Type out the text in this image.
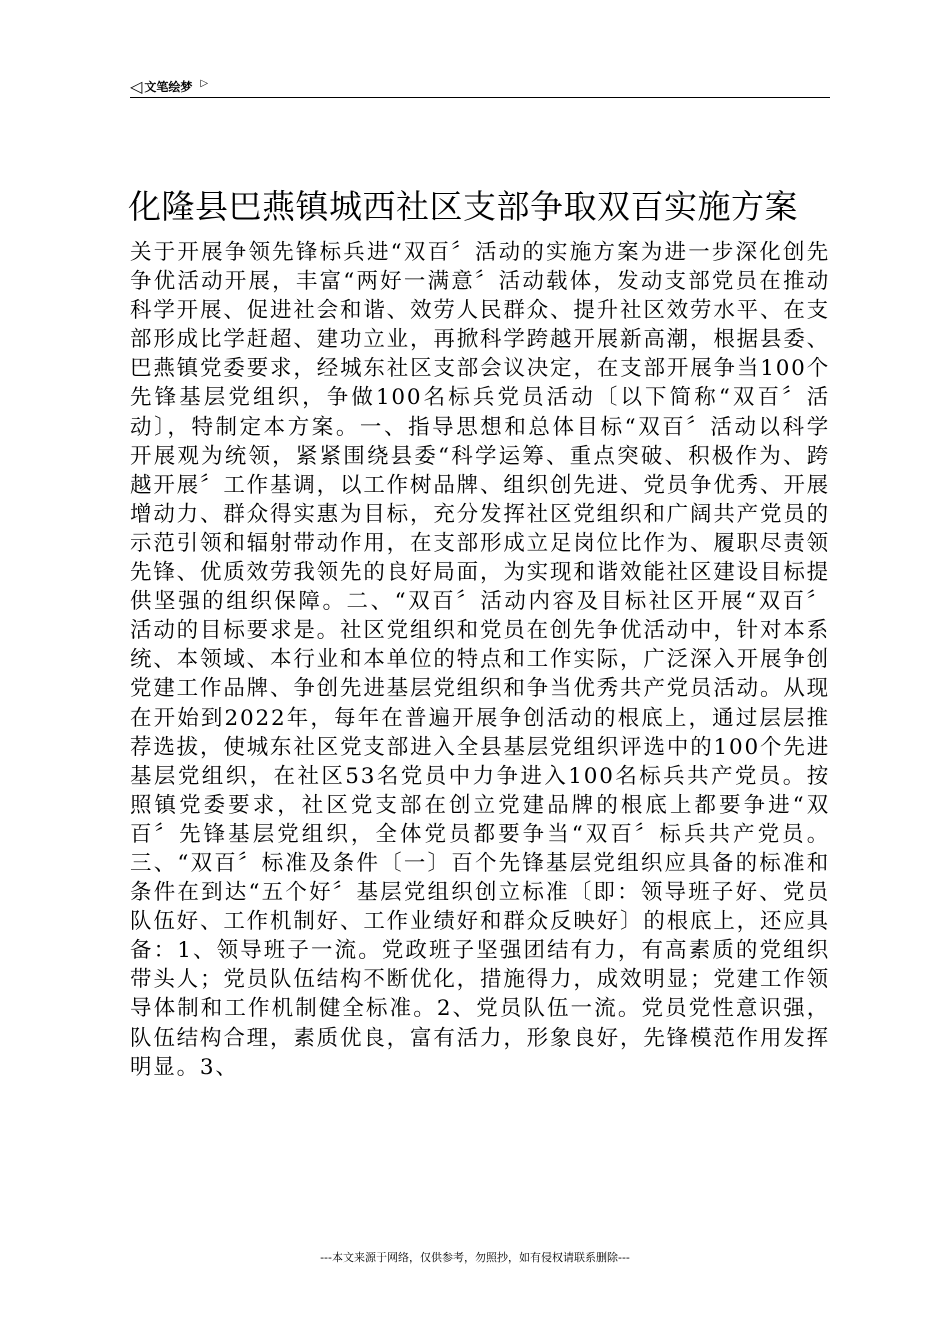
◁ 文笔绘梦 ▷
化隆县巴燕镇城西社区支部争取双百实施方案

关于开展争领先锋标兵进“双百〞活动的实施方案为进一步深化创先争优活动开展，丰富“两好一满意〞活动载体，发动支部党员在推动科学开展、促进社会和谐、效劳人民群众、提升社区效劳水平、在支部形成比学赶超、建功立业，再掀科学跨越开展新高潮，根据县委、巴燕镇党委要求，经城东社区支部会议决定，在支部开展争当100个先锋基层党组织，争做100名标兵党员活动〔以下简称“双百〞活动〕，特制定本方案。一、指导思想和总体目标“双百〞活动以科学开展观为统领，紧紧围绕县委“科学运筹、重点突破、积极作为、跨越开展〞工作基调，以工作树品牌、组织创先进、党员争优秀、开展增动力、群众得实惠为目标，充分发挥社区党组织和广阔共产党员的示范引领和辐射带动作用，在支部形成立足岗位比作为、履职尽责领先锋、优质效劳我领先的良好局面，为实现和谐效能社区建设目标提供坚强的组织保障。二、“双百〞活动内容及目标社区开展“双百〞活动的目标要求是。社区党组织和党员在创先争优活动中，针对本系统、本领域、本行业和本单位的特点和工作实际，广泛深入开展争创党建工作品牌、争创先进基层党组织和争当优秀共产党员活动。从现在开始到2022年，每年在普遍开展争创活动的根底上，通过层层推荐选拔，使城东社区党支部进入全县基层党组织评选中的100个先进基层党组织，在社区53名党员中力争进入100名标兵共产党员。按照镇党委要求，社区党支部在创立党建品牌的根底上都要争进“双百〞先锋基层党组织，全体党员都要争当“双百〞标兵共产党员。三、“双百〞标准及条件〔一〕百个先锋基层党组织应具备的标准和条件在到达“五个好〞基层党组织创立标准〔即：领导班子好、党员队伍好、工作机制好、工作业绩好和群众反映好〕的根底上，还应具备：1、领导班子一流。党政班子坚强团结有力，有高素质的党组织带头人；党员队伍结构不断优化，措施得力，成效明显；党建工作领导体制和工作机制健全标准。2、党员队伍一流。党员党性意识强，队伍结构合理，素质优良，富有活力，形象良好，先锋模范作用发挥明显。3、

---本文来源于网络，仅供参考，勿照抄，如有侵权请联系删除---
